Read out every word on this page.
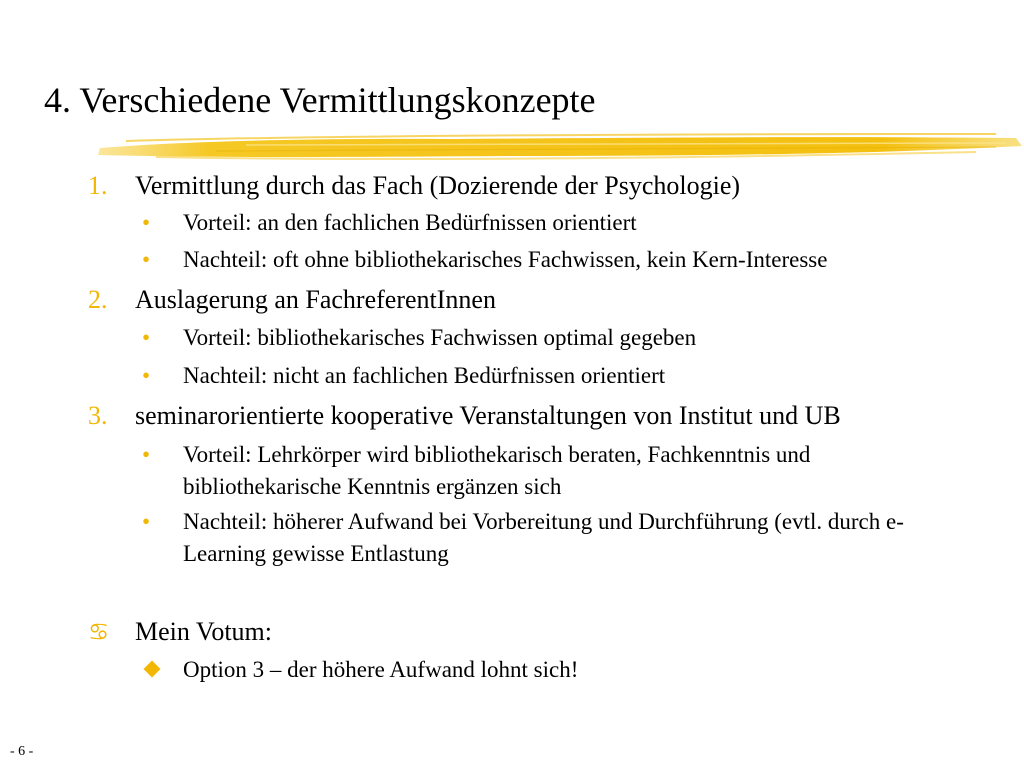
4. Verschiedene Vermittlungskonzepte
1. Vermittlung durch das Fach (Dozierende der Psychologie)
•	Vorteil: an den fachlichen Bedürfnissen orientiert
•	Nachteil: oft ohne bibliothekarisches Fachwissen, kein Kern-Interesse
2. Auslagerung an FachreferentInnen
•	Vorteil: bibliothekarisches Fachwissen optimal gegeben
•	Nachteil: nicht an fachlichen Bedürfnissen orientiert
3. seminarorientierte kooperative Veranstaltungen von Institut und UB
•	Vorteil: Lehrkörper wird bibliothekarisch beraten, Fachkenntnis und bibliothekarische Kenntnis ergänzen sich
•	Nachteil: höherer Aufwand bei Vorbereitung und Durchführung (evtl. durch e-Learning gewisse Entlastung
♋ Mein Votum:
Option 3 – der höhere Aufwand lohnt sich!
- 6 -
